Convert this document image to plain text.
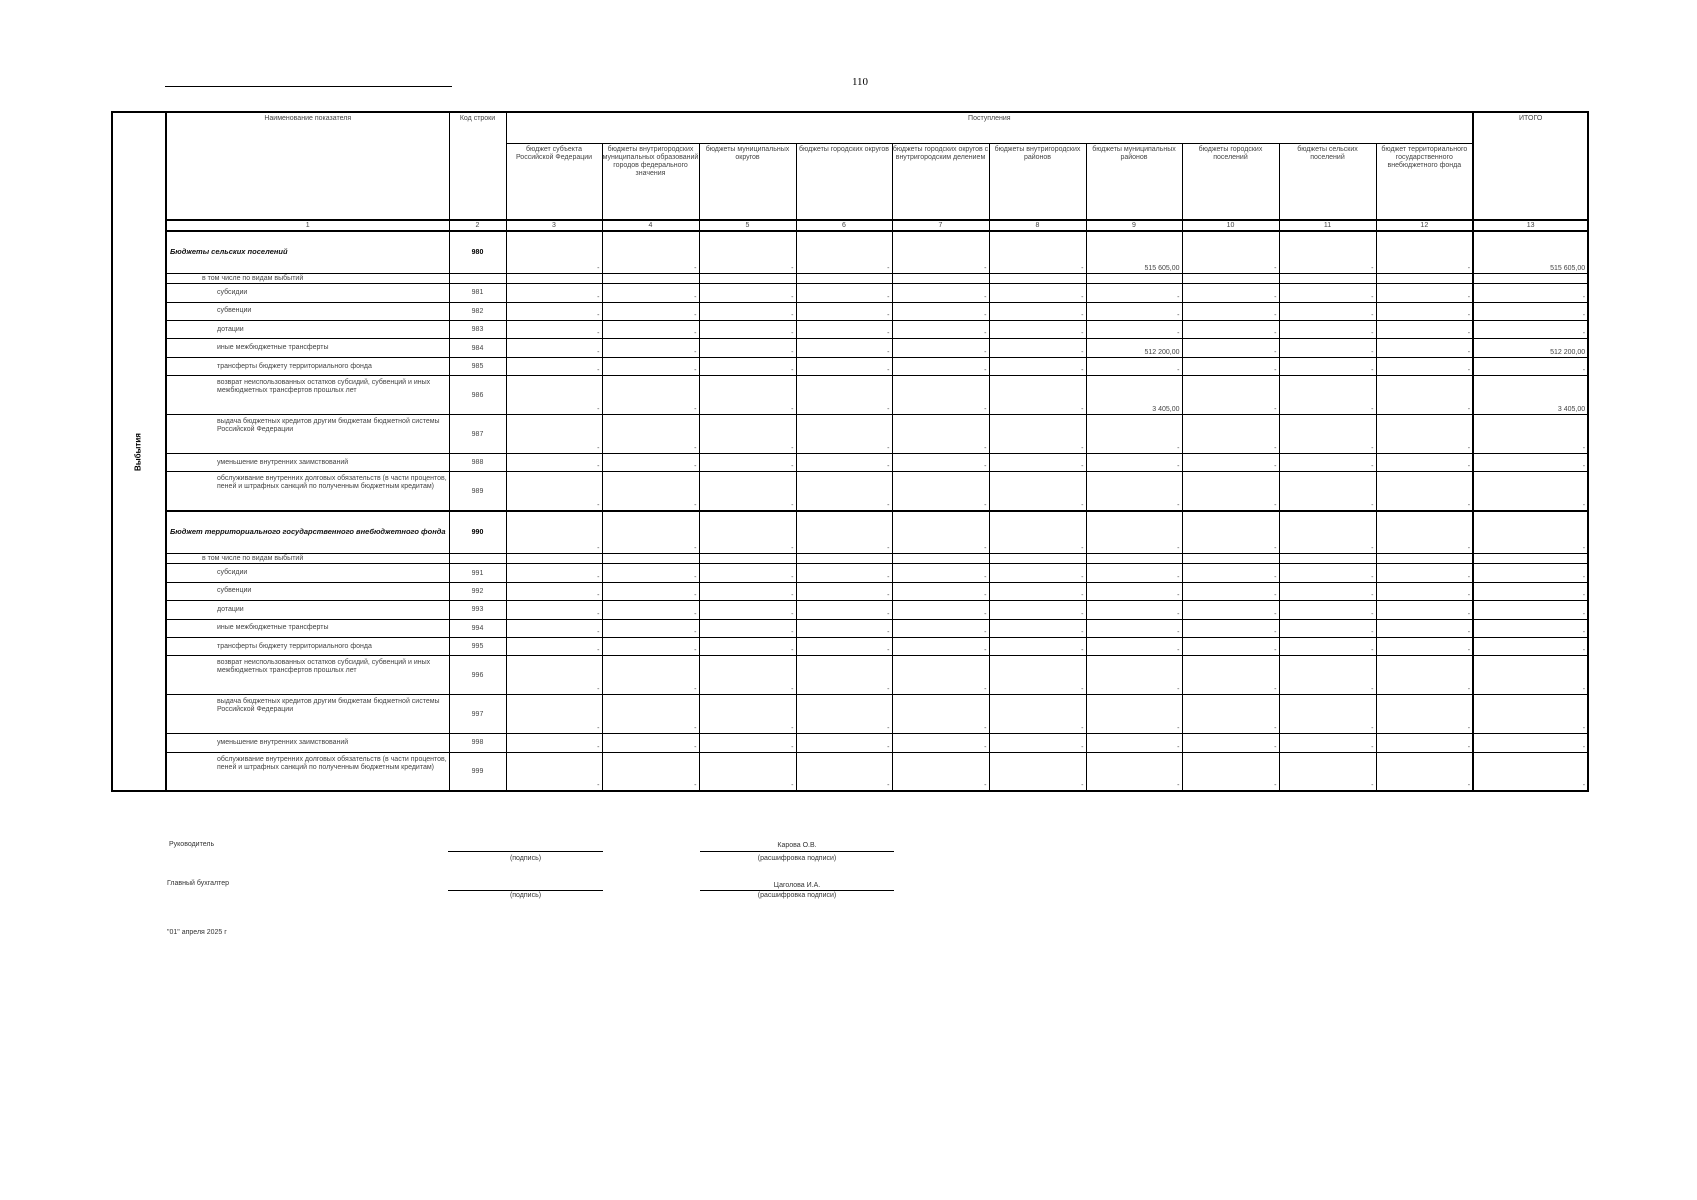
110
Выбытия
Наименование показателя	Код строки	Поступления										ИТОГО
		бюджет субъекта Российской Федерации	бюджеты внутригородских муниципальных образований городов федерального значения	бюджеты муниципальных округов	бюджеты городских округов	бюджеты городских округов с внутригородским делением	бюджеты внутригородских районов	бюджеты муниципальных районов	бюджеты городских поселений	бюджеты сельских поселений	бюджет территориального государственного внебюджетного фонда	
1	2	3	4	5	6	7	8	9	10	11	12	13
Бюджеты сельских поселений	980	-	-	-	-	-	-	515 605,00	-	-	-	515 605,00
в том числе по видам выбытий												
субсидии	981	-	-	-	-	-	-	-	-	-	-	-
субвенции	982	-	-	-	-	-	-	-	-	-	-	-
дотации	983	-	-	-	-	-	-	-	-	-	-	-
иные межбюджетные трансферты	984	-	-	-	-	-	-	512 200,00	-	-	-	512 200,00
трансферты бюджету территориального фонда	985	-	-	-	-	-	-	-	-	-	-	-
возврат неиспользованных остатков субсидий, субвенций и иных межбюджетных трансфертов прошлых лет	986	-	-	-	-	-	-	3 405,00	-	-	-	3 405,00
выдача бюджетных кредитов другим бюджетам бюджетной системы Российской Федерации	987	-	-	-	-	-	-	-	-	-	-	-
уменьшение внутренних заимствований	988	-	-	-	-	-	-	-	-	-	-	-
обслуживание внутренних долговых обязательств (в части процентов, пеней и штрафных санкций по полученным бюджетным кредитам)	989	-	-	-	-	-	-	-	-	-	-	-
Бюджет территориального государственного внебюджетного фонда	990	-	-	-	-	-	-	-	-	-	-	-
в том числе по видам выбытий												
субсидии	991	-	-	-	-	-	-	-	-	-	-	-
субвенции	992	-	-	-	-	-	-	-	-	-	-	-
дотации	993	-	-	-	-	-	-	-	-	-	-	-
иные межбюджетные трансферты	994	-	-	-	-	-	-	-	-	-	-	-
трансферты бюджету территориального фонда	995	-	-	-	-	-	-	-	-	-	-	-
возврат неиспользованных остатков субсидий, субвенций и иных межбюджетных трансфертов прошлых лет	996	-	-	-	-	-	-	-	-	-	-	-
выдача бюджетных кредитов другим бюджетам бюджетной системы Российской Федерации	997	-	-	-	-	-	-	-	-	-	-	-
уменьшение внутренних заимствований	998	-	-	-	-	-	-	-	-	-	-	-
обслуживание внутренних долговых обязательств (в части процентов, пеней и штрафных санкций по полученным бюджетным кредитам)	999	-	-	-	-	-	-	-	-	-	-	-
Руководитель
(подпись)
Карова О.В.
(расшифровка подписи)
Главный бухгалтер
(подпись)
Цаголова И.А.
(расшифровка подписи)
"01" апреля 2025 г
